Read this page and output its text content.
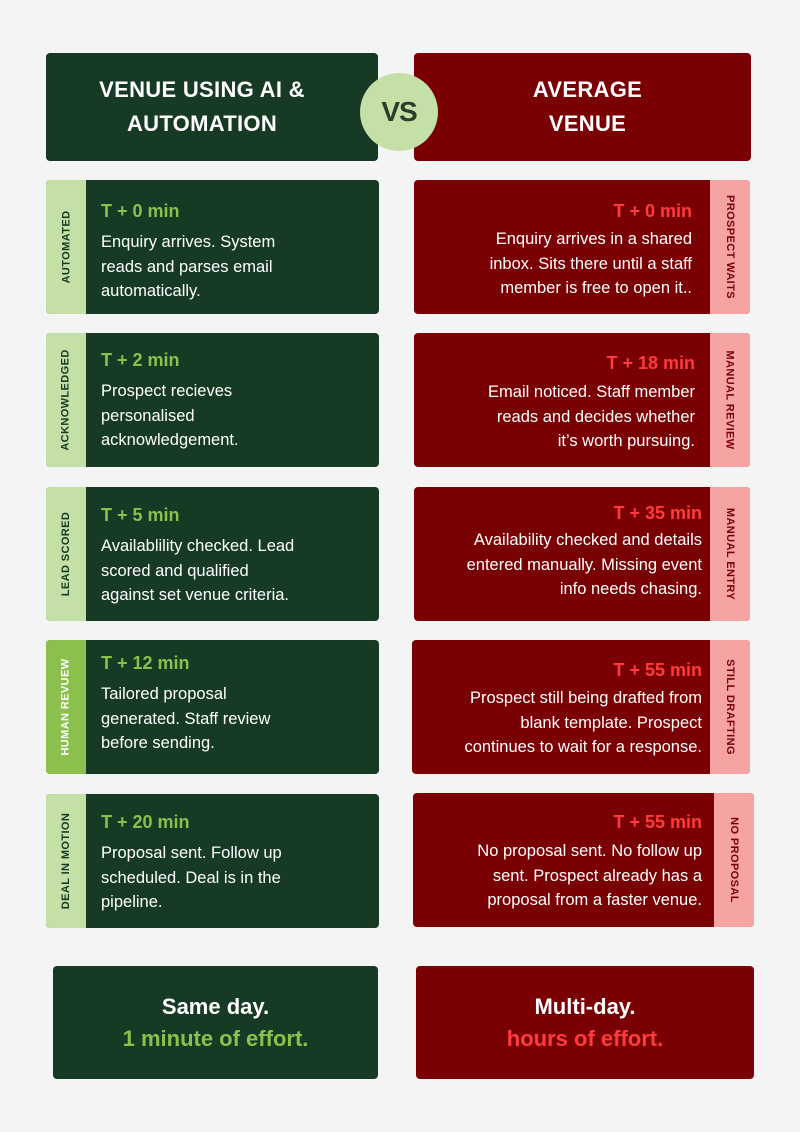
VENUE USING AI &
AUTOMATION
AVERAGE
VENUE
VS
AUTOMATED T + 0 min
Enquiry arrives. System
reads and parses email
automatically.
ACKNOWLEDGED T + 2 min
Prospect recieves
personalised
acknowledgement.
LEAD SCORED T + 5 min
Availablility checked. Lead
scored and qualified
against set venue criteria.
HUMAN REVUEW T + 12 min
Tailored proposal
generated. Staff review
before sending.
DEAL IN MOTION T + 20 min
Proposal sent. Follow up
scheduled. Deal is in the
pipeline.
PROSPECT WAITS
T + 0 min
Enquiry arrives in a shared
inbox. Sits there until a staff
member is free to open it..
MANUAL REVIEW
T + 18 min
Email noticed. Staff member
reads and decides whether
it’s worth pursuing.
MANUAL ENTRY
T + 35 min
Availability checked and details
entered manually. Missing event
info needs chasing.
STILL DRAFTING
T + 55 min
Prospect still being drafted from
blank template. Prospect
continues to wait for a response.
NO PROPOSAL
T + 55 min
No proposal sent. No follow up
sent. Prospect already has a
proposal from a faster venue.
Same day.
1 minute of effort.
Multi-day.
hours of effort.
